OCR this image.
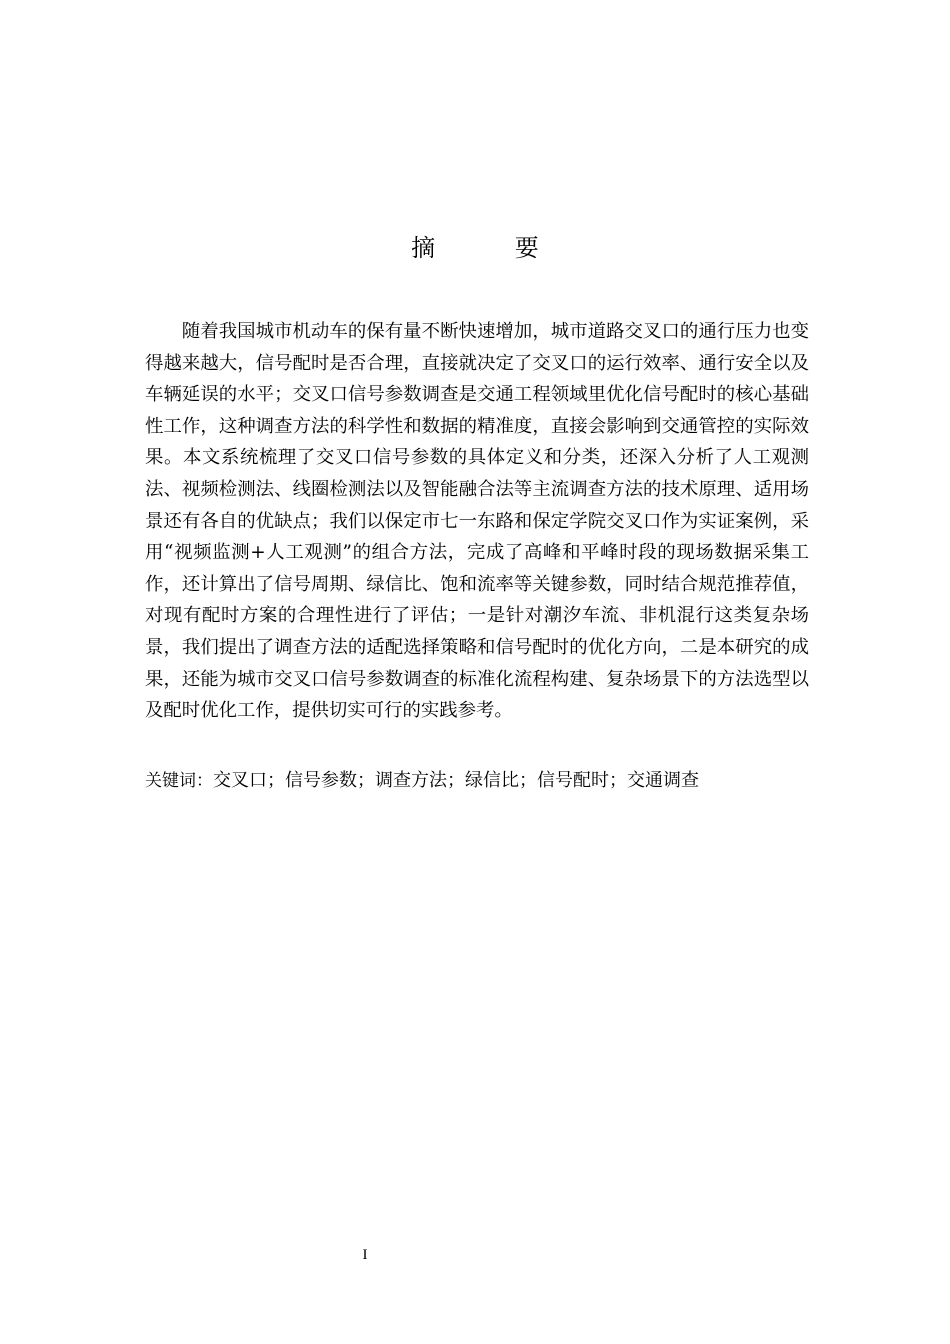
摘 要

随着我国城市机动车的保有量不断快速增加，城市道路交叉口的通行压力也变得越来越大，信号配时是否合理，直接就决定了交叉口的运行效率、通行安全以及车辆延误的水平；交叉口信号参数调查是交通工程领域里优化信号配时的核心基础性工作，这种调查方法的科学性和数据的精准度，直接会影响到交通管控的实际效果。本文系统梳理了交叉口信号参数的具体定义和分类，还深入分析了人工观测法、视频检测法、线圈检测法以及智能融合法等主流调查方法的技术原理、适用场景还有各自的优缺点；我们以保定市七一东路和保定学院交叉口作为实证案例，采用“视频监测+人工观测”的组合方法，完成了高峰和平峰时段的现场数据采集工作，还计算出了信号周期、绿信比、饱和流率等关键参数，同时结合规范推荐值，对现有配时方案的合理性进行了评估；一是针对潮汐车流、非机混行这类复杂场景，我们提出了调查方法的适配选择策略和信号配时的优化方向，二是本研究的成果，还能为城市交叉口信号参数调查的标准化流程构建、复杂场景下的方法选型以及配时优化工作，提供切实可行的实践参考。

关键词：交叉口；信号参数；调查方法；绿信比；信号配时；交通调查

I
